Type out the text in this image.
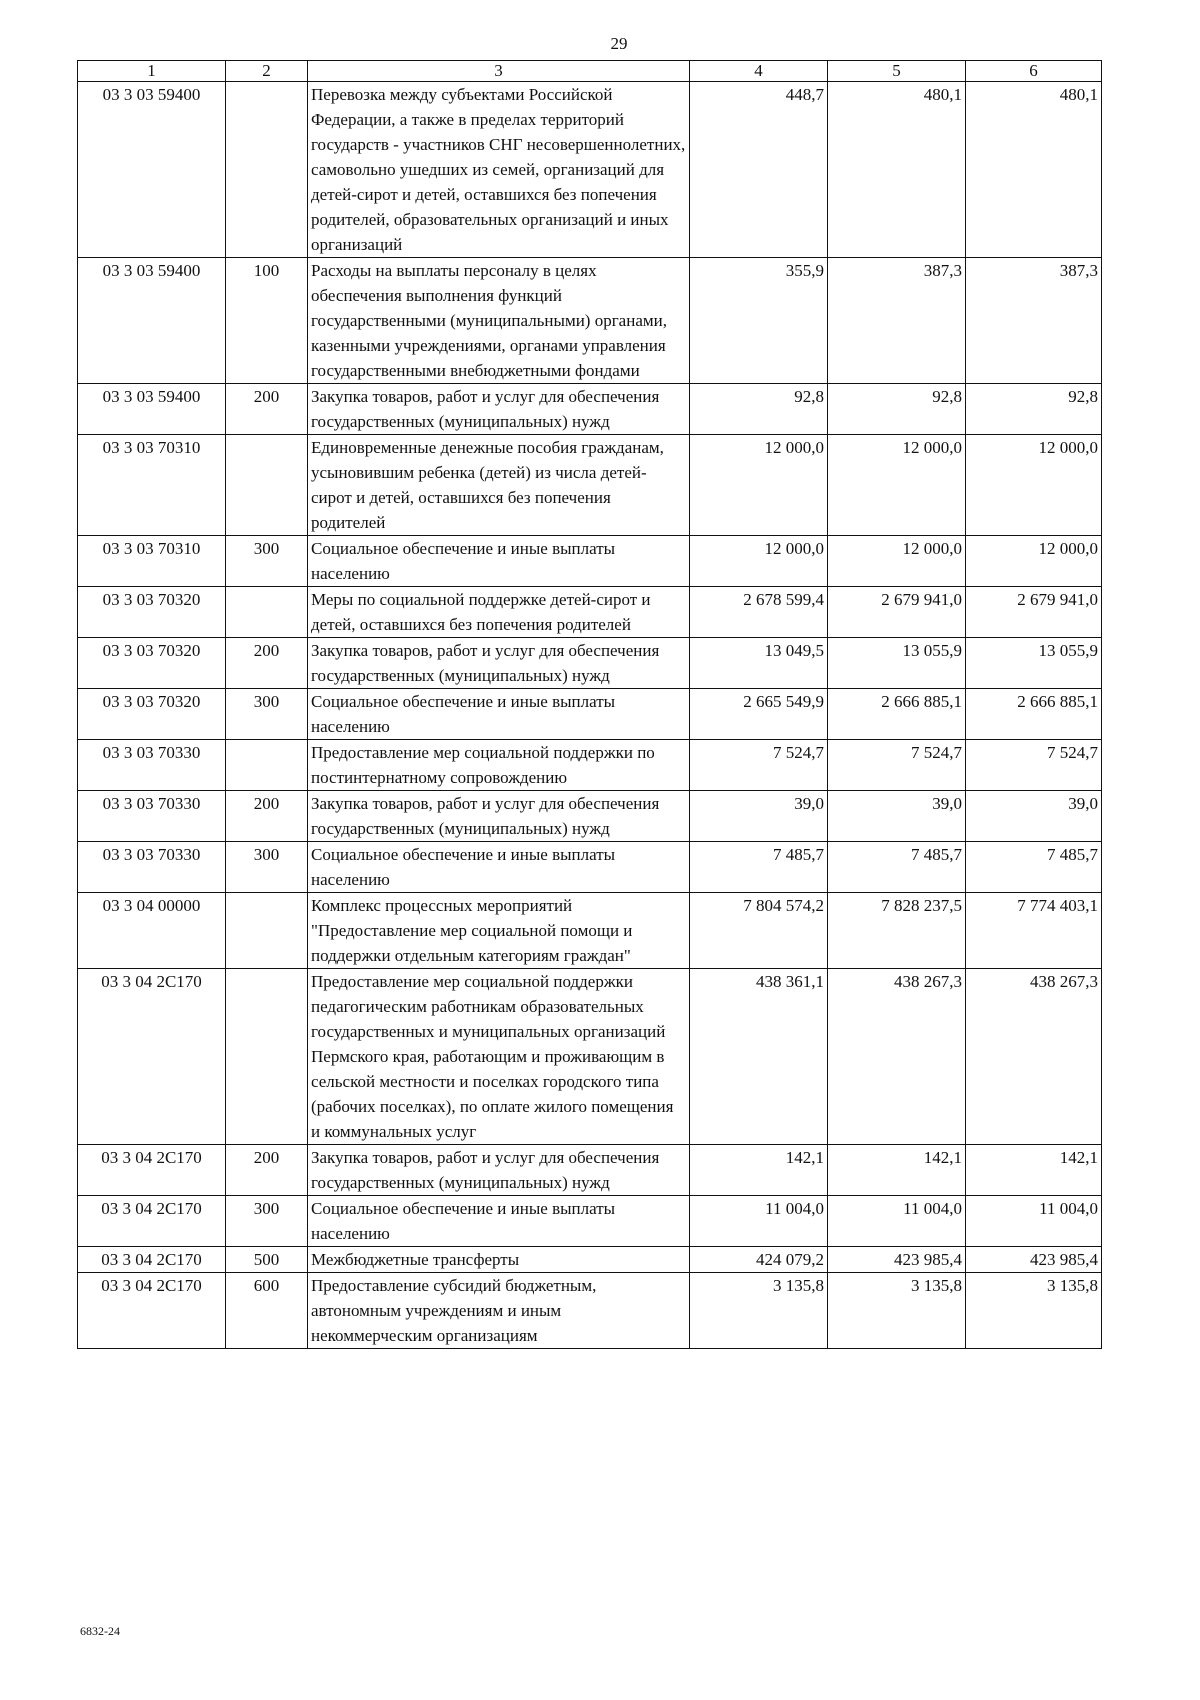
29
1	2	3	4	5	6
03 3 03 59400		Перевозка между субъектами Российской Федерации, а также в пределах территорий государств - участников СНГ несовершеннолетних, самовольно ушедших из семей, организаций для детей-сирот и детей, оставшихся без попечения родителей, образовательных организаций и иных организаций	448,7	480,1	480,1
03 3 03 59400	100	Расходы на выплаты персоналу в целях обеспечения выполнения функций государственными (муниципальными) органами, казенными учреждениями, органами управления государственными внебюджетными фондами	355,9	387,3	387,3
03 3 03 59400	200	Закупка товаров, работ и услуг для обеспечения государственных (муниципальных) нужд	92,8	92,8	92,8
03 3 03 70310		Единовременные денежные пособия гражданам, усыновившим ребенка (детей) из числа детей-сирот и детей, оставшихся без попечения родителей	12 000,0	12 000,0	12 000,0
03 3 03 70310	300	Социальное обеспечение и иные выплаты населению	12 000,0	12 000,0	12 000,0
03 3 03 70320		Меры по социальной поддержке детей-сирот и детей, оставшихся без попечения родителей	2 678 599,4	2 679 941,0	2 679 941,0
03 3 03 70320	200	Закупка товаров, работ и услуг для обеспечения государственных (муниципальных) нужд	13 049,5	13 055,9	13 055,9
03 3 03 70320	300	Социальное обеспечение и иные выплаты населению	2 665 549,9	2 666 885,1	2 666 885,1
03 3 03 70330		Предоставление мер социальной поддержки по постинтернатному сопровождению	7 524,7	7 524,7	7 524,7
03 3 03 70330	200	Закупка товаров, работ и услуг для обеспечения государственных (муниципальных) нужд	39,0	39,0	39,0
03 3 03 70330	300	Социальное обеспечение и иные выплаты населению	7 485,7	7 485,7	7 485,7
03 3 04 00000		Комплекс процессных мероприятий "Предоставление мер социальной помощи и поддержки отдельным категориям граждан"	7 804 574,2	7 828 237,5	7 774 403,1
03 3 04 2С170		Предоставление мер социальной поддержки педагогическим работникам образовательных государственных и муниципальных организаций Пермского края, работающим и проживающим в сельской местности и поселках городского типа (рабочих поселках), по оплате жилого помещения и коммунальных услуг	438 361,1	438 267,3	438 267,3
03 3 04 2С170	200	Закупка товаров, работ и услуг для обеспечения государственных (муниципальных) нужд	142,1	142,1	142,1
03 3 04 2С170	300	Социальное обеспечение и иные выплаты населению	11 004,0	11 004,0	11 004,0
03 3 04 2С170	500	Межбюджетные трансферты	424 079,2	423 985,4	423 985,4
03 3 04 2С170	600	Предоставление субсидий бюджетным, автономным учреждениям и иным некоммерческим организациям	3 135,8	3 135,8	3 135,8
6832-24
